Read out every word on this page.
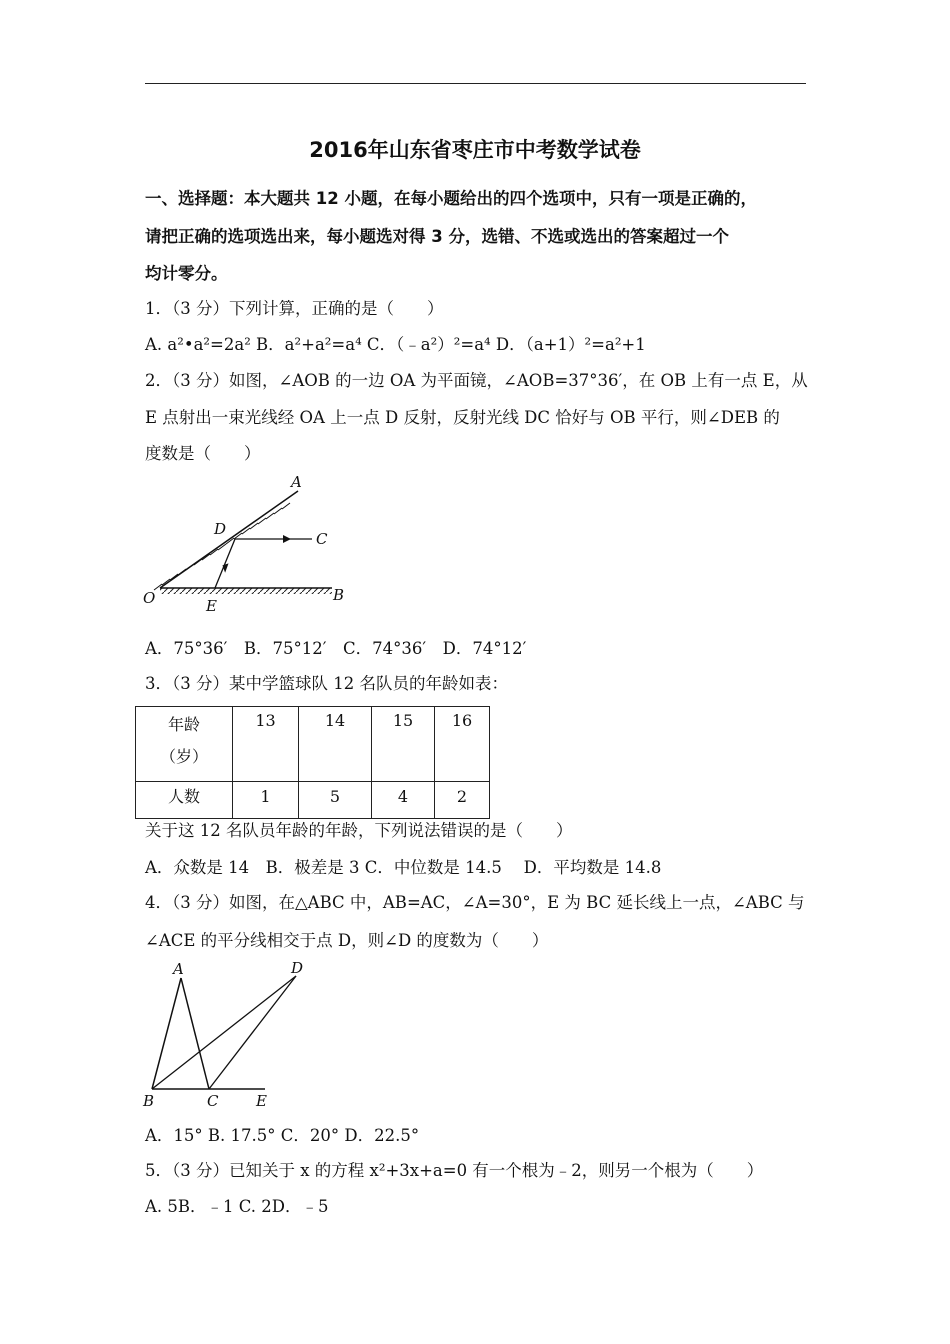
2016年山东省枣庄市中考数学试卷
一、选择题：本大题共 12 小题，在每小题给出的四个选项中，只有一项是正确的，
请把正确的选项选出来，每小题选对得 3 分，选错、不选或选出的答案超过一个
均计零分。
1．（3 分）下列计算，正确的是（　　）
A. a²•a²=2a² B．a²+a²=a⁴ C．（﹣a²）²=a⁴ D．（a+1）²=a²+1
2．（3 分）如图，∠AOB 的一边 OA 为平面镜，∠AOB=37°36′，在 OB 上有一点 E，从
E 点射出一束光线经 OA 上一点 D 反射，反射光线 DC 恰好与 OB 平行，则∠DEB 的
度数是（　　）
A
D
C
O	E
B
A．75°36′　B．75°12′　C．74°36′　D．74°12′
3．（3 分）某中学篮球队 12 名队员的年龄如表：
年龄
（岁）	13	14	15	16
人数	1	5	4	2
关于这 12 名队员年龄的年龄，下列说法错误的是（　　）
A．众数是 14　B．极差是 3 C．中位数是 14.5　 D．平均数是 14.8
4．（3 分）如图，在△ABC 中，AB=AC，∠A=30°，E 为 BC 延长线上一点，∠ABC 与
∠ACE 的平分线相交于点 D，则∠D 的度数为（　　）
A	D
B	C	E
A．15° B. 17.5° C．20° D．22.5°
5．（3 分）已知关于 x 的方程 x²+3x+a=0 有一个根为﹣2，则另一个根为（　　）
A. 5B．﹣1 C. 2D．﹣5
